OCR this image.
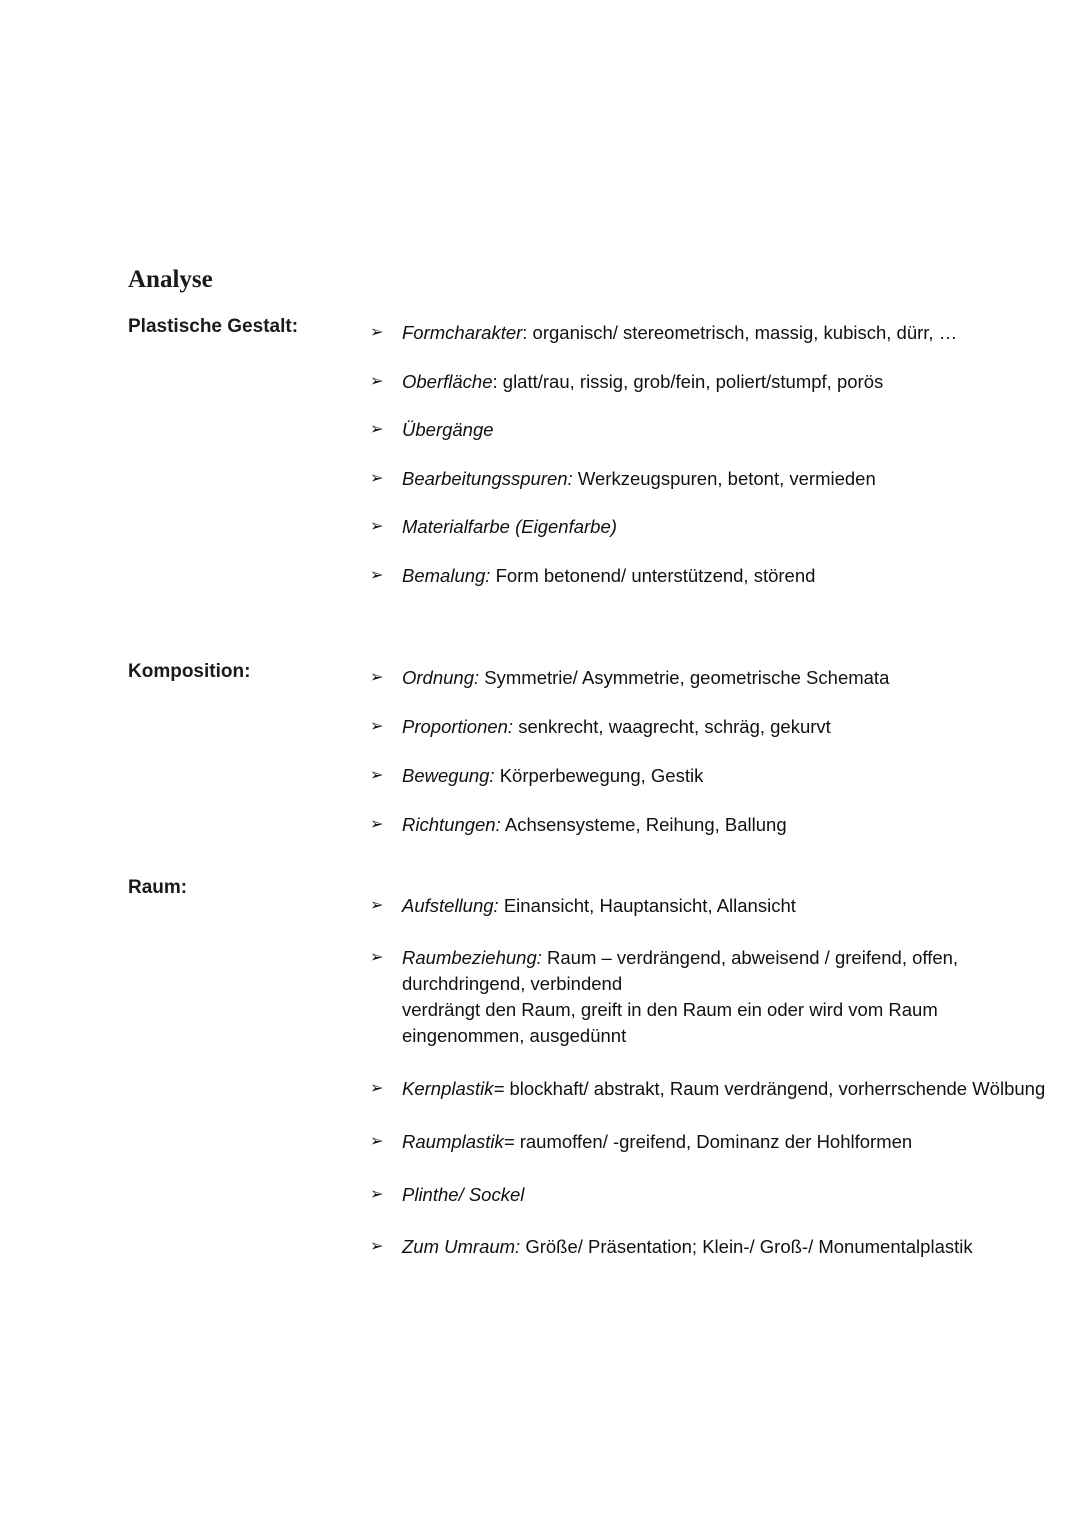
Analyse
Plastische Gestalt:	➢ Formcharakter: organisch/ stereometrisch, massig, kubisch, dürr, …
➢ Oberfläche: glatt/rau, rissig, grob/fein, poliert/stumpf, porös
➢ Übergänge
➢ Bearbeitungsspuren: Werkzeugspuren, betont, vermieden
➢ Materialfarbe (Eigenfarbe)
➢ Bemalung: Form betonend/ unterstützend, störend
Komposition:	➢ Ordnung: Symmetrie/ Asymmetrie, geometrische Schemata
➢ Proportionen: senkrecht, waagrecht, schräg, gekurvt
➢ Bewegung: Körperbewegung, Gestik
➢ Richtungen: Achsensysteme, Reihung, Ballung
Raum:
➢ Aufstellung: Einansicht, Hauptansicht, Allansicht
➢ Raumbeziehung: Raum – verdrängend, abweisend / greifend, offen,
durchdringend, verbindend
verdrängt den Raum, greift in den Raum ein oder wird vom Raum
eingenommen, ausgedünnt
➢ Kernplastik= blockhaft/ abstrakt, Raum verdrängend, vorherrschende Wölbung
➢ Raumplastik= raumoffen/ -greifend, Dominanz der Hohlformen
➢ Plinthe/ Sockel
➢ Zum Umraum: Größe/ Präsentation; Klein-/ Groß-/ Monumentalplastik
